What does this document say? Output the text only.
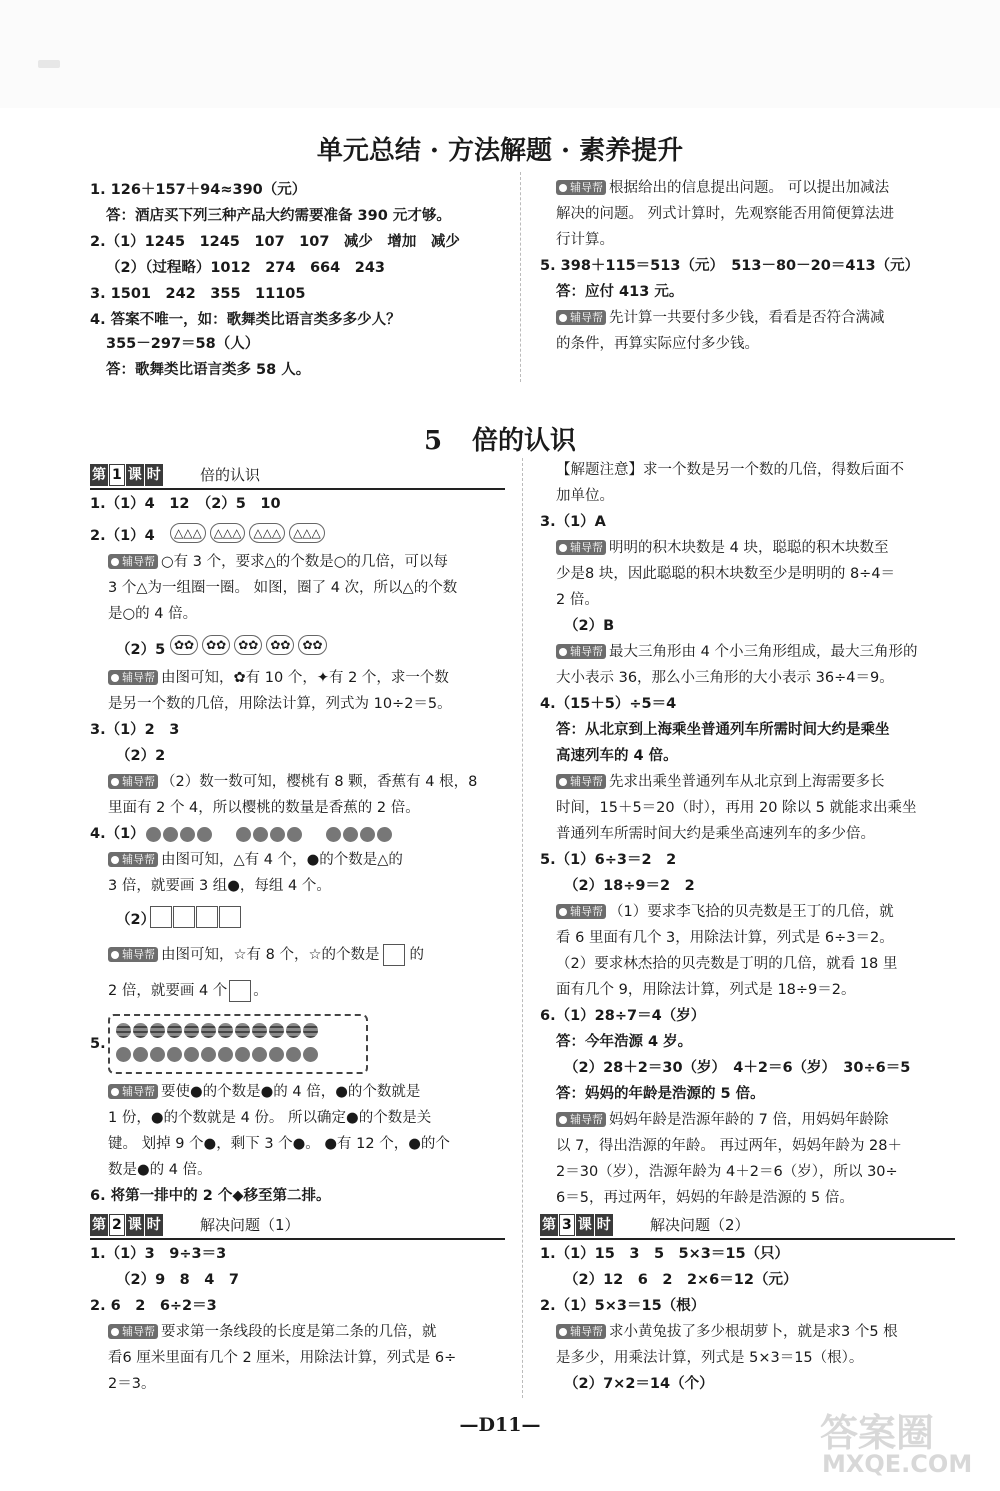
单元总结 · 方法解题 · 素养提升
1. 126＋157＋94≈390（元）
答：酒店买下列三种产品大约需要准备 390 元才够。
2.（1）1245　1245　107　107　减少　增加　减少
（2）（过程略）1012　274　664　243
3. 1501　242　355　11105
4. 答案不唯一，如：歌舞类比语言类多多少人？
355－297＝58（人）
答：歌舞类比语言类多 58 人。
辅导帮 根据给出的信息提出问题。 可以提出加减法
解决的问题。 列式计算时，先观察能否用简便算法进
行计算。
5. 398＋115＝513（元）　513－80－20＝413（元）
答：应付 413 元。
辅导帮 先计算一共要付多少钱，看看是否符合满减
的条件，再算实际应付多少钱。
5 倍的认识
第 1 课 时	倍的认识
1.（1）4　12　（2）5　10
2.（1）4	△△△ △△△ △△△ △△△
辅导帮 ○有 3 个，要求△的个数是○的几倍，可以每
3 个△为一组圈一圈。 如图，圈了 4 次，所以△的个数
是○的 4 倍。
（2）5 ✿✿ ✿✿ ✿✿ ✿✿ ✿✿
辅导帮 由图可知，✿有 10 个，✦有 2 个，求一个数
是另一个数的几倍，用除法计算，列式为 10÷2＝5。
3.（1）2　3
（2）2
辅导帮 （2）数一数可知，樱桃有 8 颗，香蕉有 4 根，8
里面有 2 个 4，所以樱桃的数量是香蕉的 2 倍。
4.（1）

辅导帮 由图可知，△有 4 个，●的个数是△的
3 倍，就要画 3 组●，每组 4 个。
（2）
辅导帮 由图可知，☆有 8 个，☆的个数是 的
2 倍，就要画 4 个 。
5.
辅导帮 要使●的个数是●的 4 倍，●的个数就是
1 份，●的个数就是 4 份。 所以确定●的个数是关
键。 划掉 9 个●，剩下 3 个●。 ●有 12 个，●的个
数是●的 4 倍。
6. 将第一排中的 2 个◆移至第二排。
第 2 课 时	解决问题（1）
1.（1）3　9÷3＝3
（2）9　8　4　7
2. 6　2　6÷2＝3
辅导帮 要求第一条线段的长度是第二条的几倍，就
看6 厘米里面有几个 2 厘米，用除法计算，列式是 6÷
2＝3。
【解题注意】求一个数是另一个数的几倍，得数后面不
加单位。
3.（1）A
辅导帮 明明的积木块数是 4 块，聪聪的积木块数至
少是8 块，因此聪聪的积木块数至少是明明的 8÷4＝
2 倍。
（2）B
辅导帮 最大三角形由 4 个小三角形组成，最大三角形的
大小表示 36，那么小三角形的大小表示 36÷4＝9。
4.（15＋5）÷5＝4
答：从北京到上海乘坐普通列车所需时间大约是乘坐
高速列车的 4 倍。
辅导帮 先求出乘坐普通列车从北京到上海需要多长
时间，15＋5＝20（时），再用 20 除以 5 就能求出乘坐
普通列车所需时间大约是乘坐高速列车的多少倍。
5.（1）6÷3＝2　2
（2）18÷9＝2　2
辅导帮 （1）要求李飞拾的贝壳数是王丁的几倍，就
看 6 里面有几个 3，用除法计算，列式是 6÷3＝2。
（2）要求林杰拾的贝壳数是丁明的几倍，就看 18 里
面有几个 9，用除法计算，列式是 18÷9＝2。
6.（1）28÷7＝4（岁）
答：今年浩源 4 岁。
（2）28＋2＝30（岁）　4＋2＝6（岁）　30÷6＝5
答：妈妈的年龄是浩源的 5 倍。
辅导帮 妈妈年龄是浩源年龄的 7 倍，用妈妈年龄除
以 7，得出浩源的年龄。 再过两年，妈妈年龄为 28＋
2＝30（岁），浩源年龄为 4＋2＝6（岁），所以 30÷
6＝5，再过两年，妈妈的年龄是浩源的 5 倍。
第 3 课 时	解决问题（2）
1.（1）15　3　5　5×3＝15（只）
（2）12　6　2　2×6＝12（元）
2.（1）5×3＝15（根）
辅导帮 求小黄兔拔了多少根胡萝卜，就是求3 个5 根
是多少，用乘法计算，列式是 5×3＝15（根）。
（2）7×2＝14（个）
—D11—	答案圈
MXQE.COM
